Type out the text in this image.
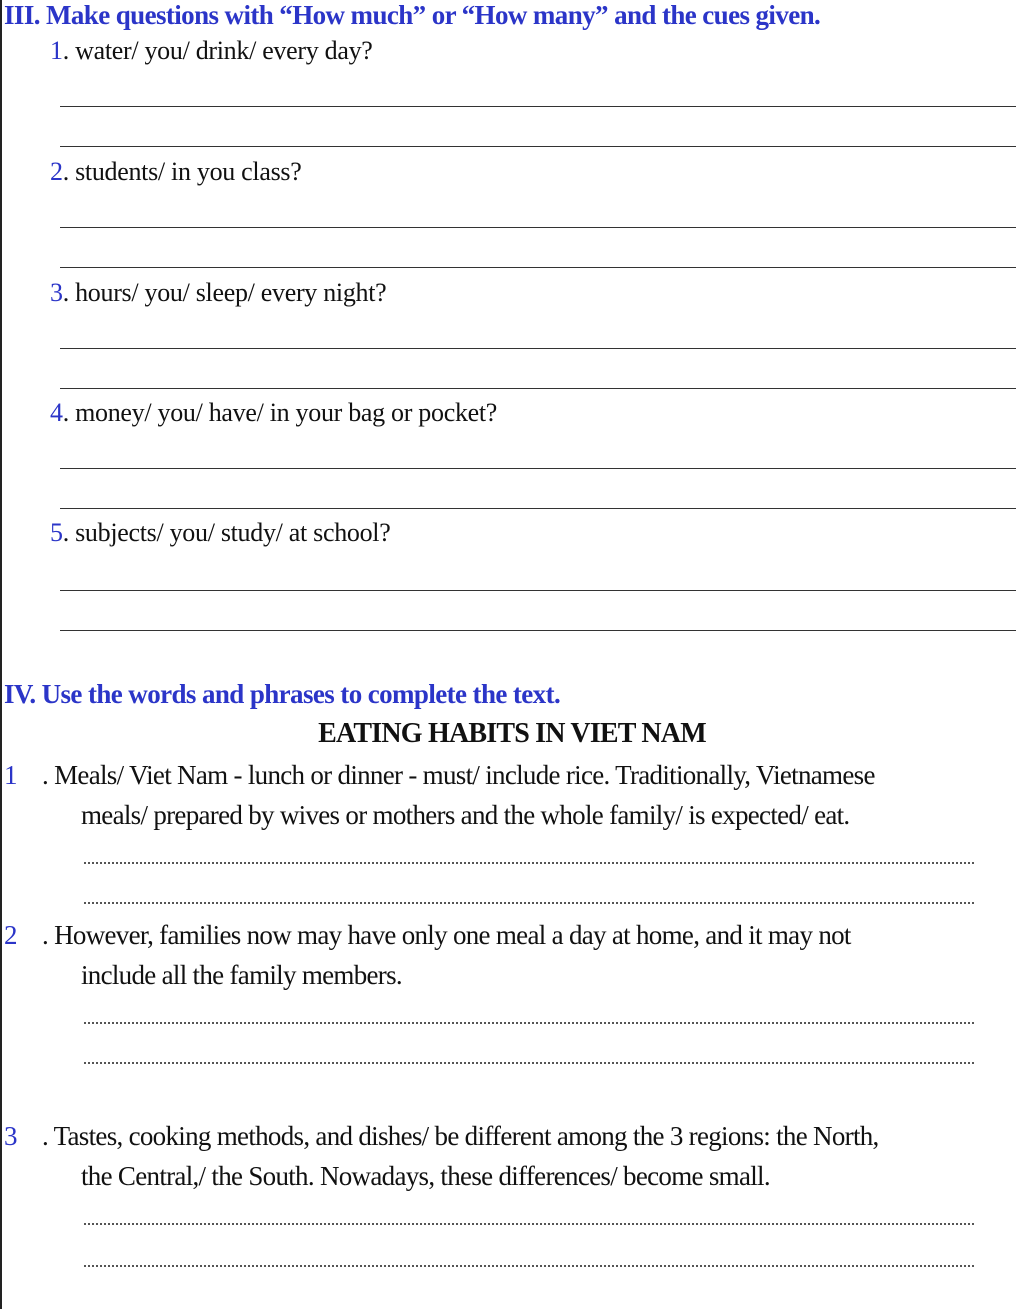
III. Make questions with “How much” or “How many” and the cues given.
1. water/ you/ drink/ every day?
2. students/ in you class?
3. hours/ you/ sleep/ every night?
4. money/ you/ have/ in your bag or pocket?
5. subjects/ you/ study/ at school?
IV. Use the words and phrases to complete the text.
EATING HABITS IN VIET NAM
1 . Meals/ Viet Nam - lunch or dinner - must/ include rice. Traditionally, Vietnamese
meals/ prepared by wives or mothers and the whole family/ is expected/ eat.
2 . However, families now may have only one meal a day at home, and it may not
include all the family members.
3 . Tastes, cooking methods, and dishes/ be different among the 3 regions: the North,
the Central,/ the South. Nowadays, these differences/ become small.
